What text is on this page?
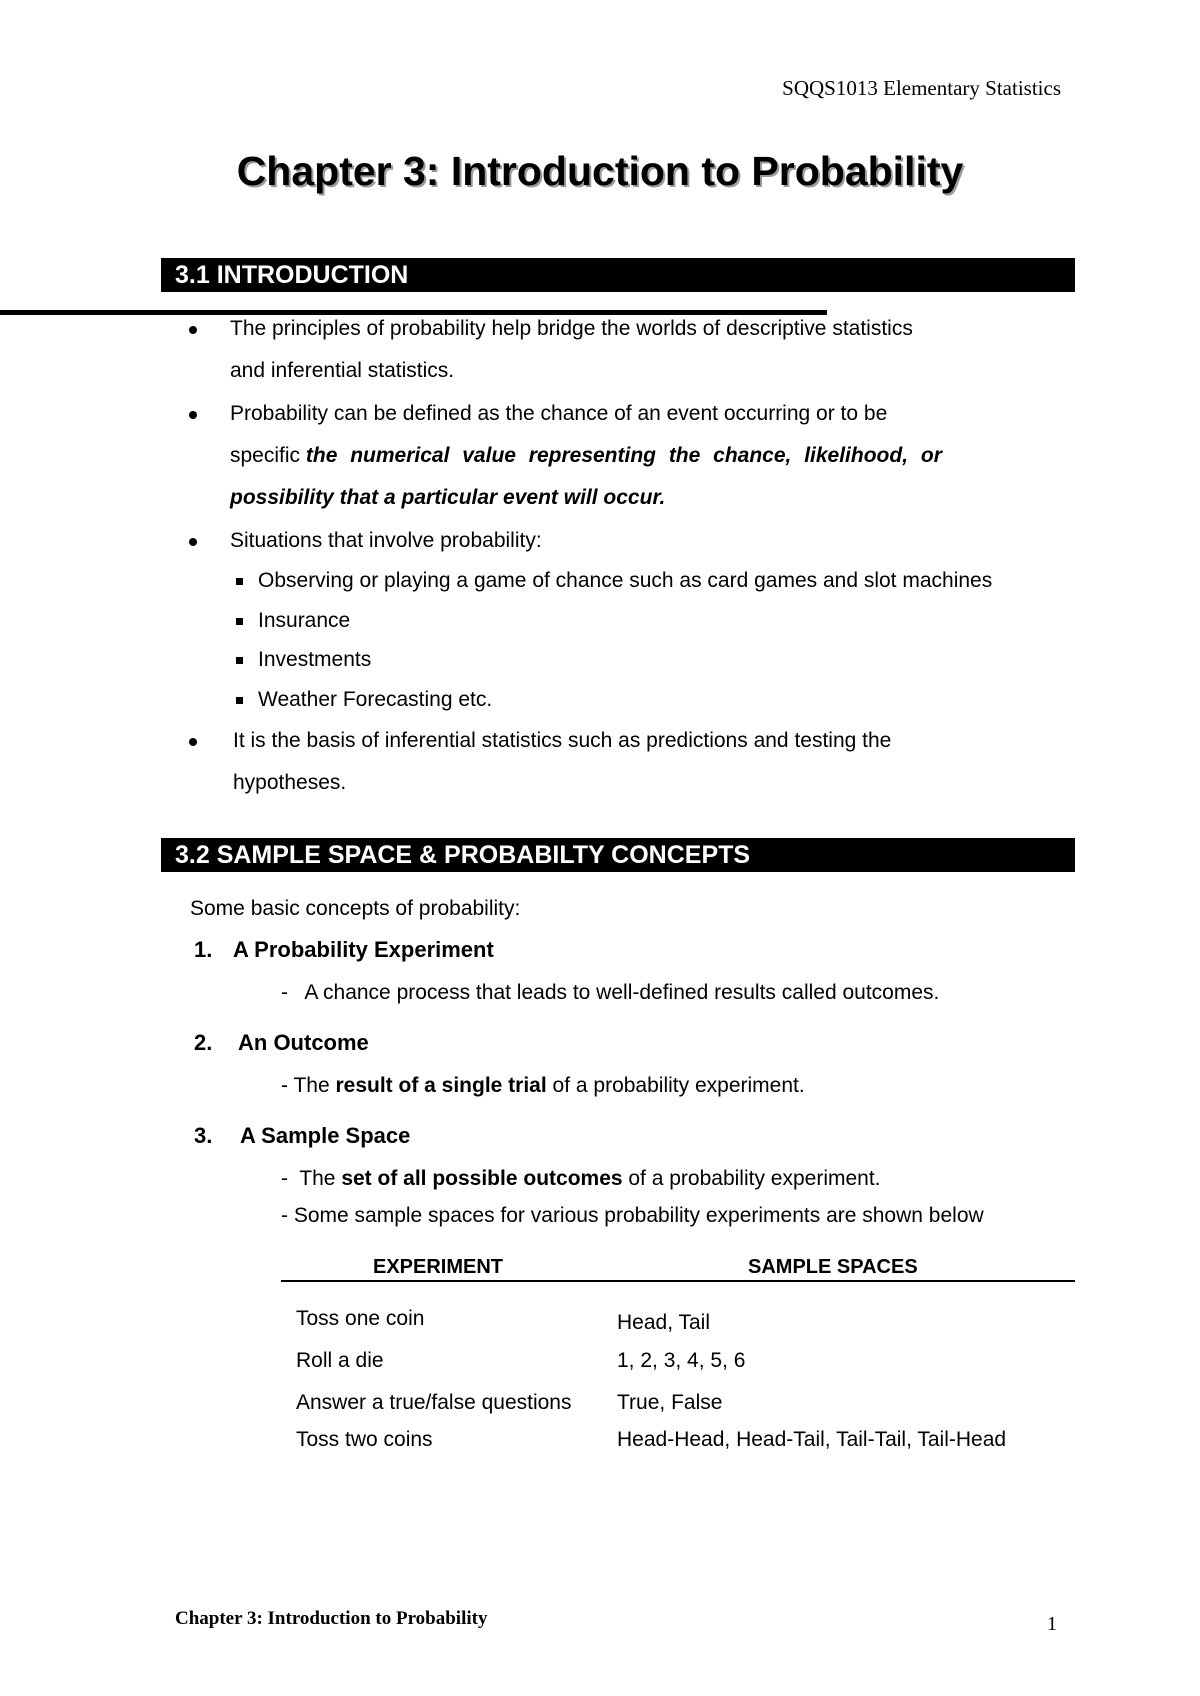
SQQS1013 Elementary Statistics
Chapter 3: Introduction to Probability
3.1 INTRODUCTION
The principles of probability help bridge the worlds of descriptive statistics
and inferential statistics.
Probability can be defined as the chance of an event occurring or to be
specific the numerical value representing the chance, likelihood, or
possibility that a particular event will occur.
Situations that involve probability:
Observing or playing a game of chance such as card games and slot machines
Insurance
Investments
Weather Forecasting etc.
It is the basis of inferential statistics such as predictions and testing the
hypotheses.
3.2 SAMPLE SPACE & PROBABILTY CONCEPTS
Some basic concepts of probability:
1. A Probability Experiment
-   A chance process that leads to well-defined results called outcomes.
2. An Outcome
- The result of a single trial of a probability experiment.
3. A Sample Space
-  The set of all possible outcomes of a probability experiment.
- Some sample spaces for various probability experiments are shown below
EXPERIMENT	SAMPLE SPACES
Toss one coin	Head, Tail
Roll a die	1, 2, 3, 4, 5, 6
Answer a true/false questions True, False
Toss two coins	Head-Head, Head-Tail, Tail-Tail, Tail-Head
Chapter 3: Introduction to Probability	1
